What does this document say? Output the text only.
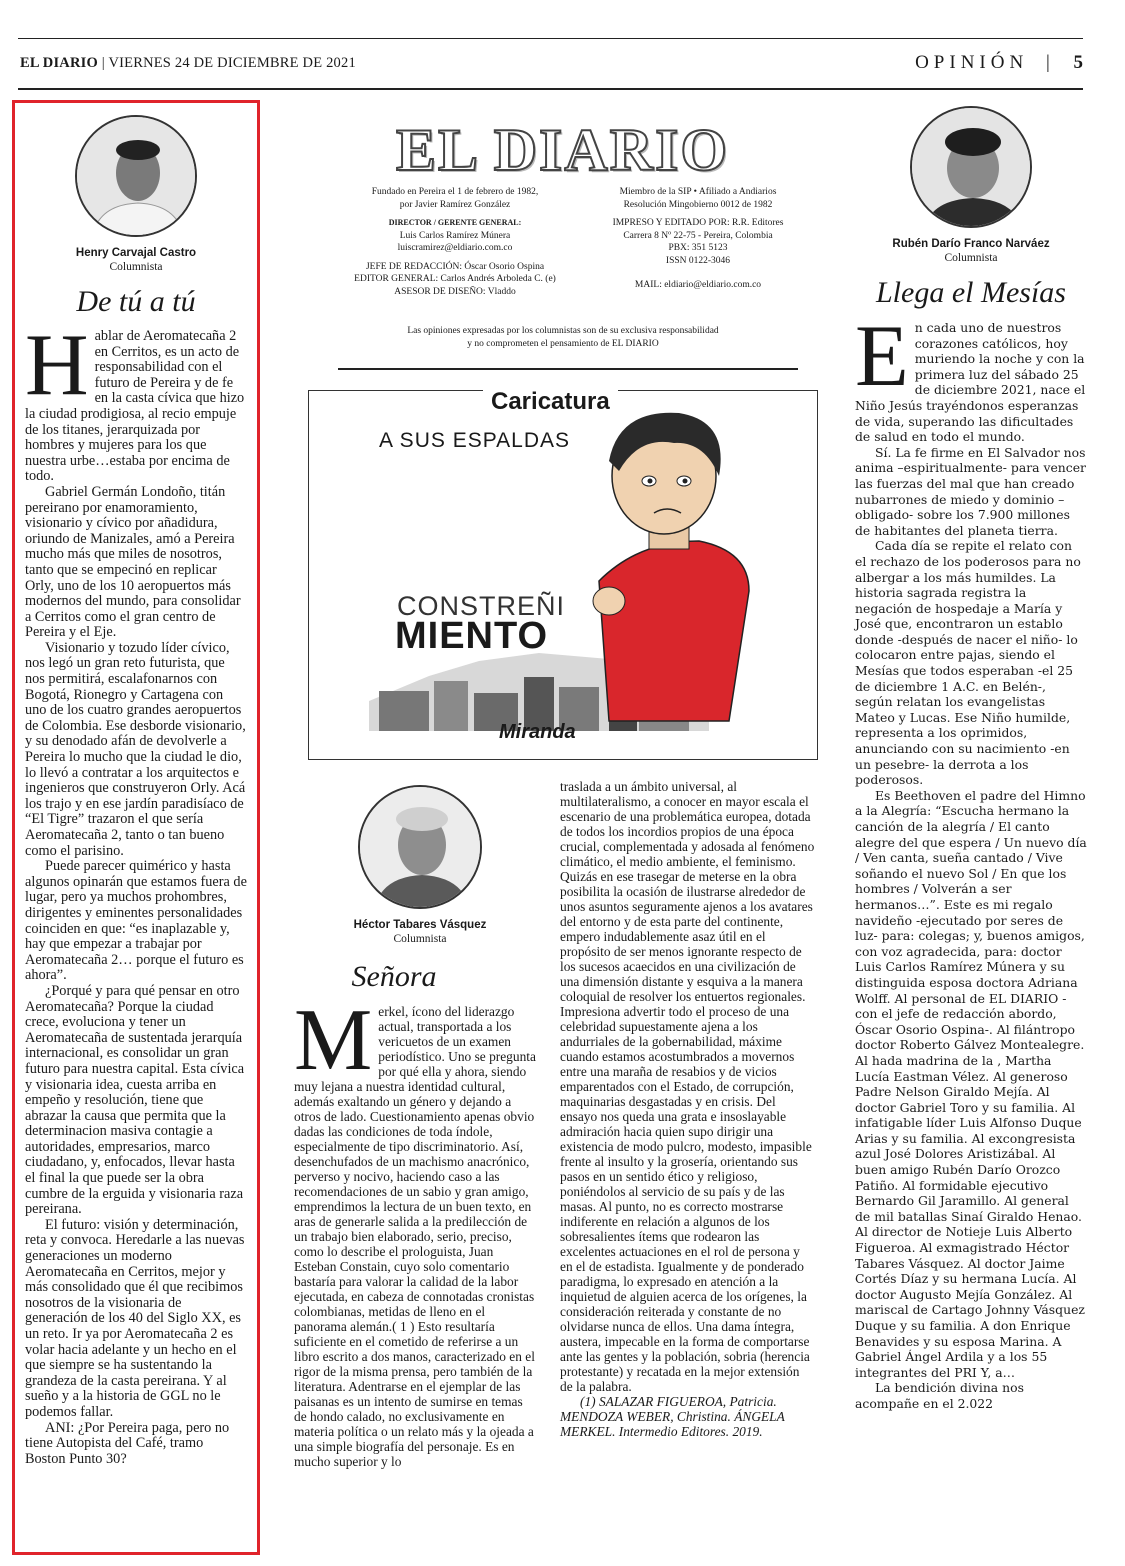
EL DIARIO | VIERNES 24 DE DICIEMBRE DE 2021	OPINIÓN | 5
Henry Carvajal Castro
Columnista
De tú a tú
H ablar de Aeromatecaña 2 en Cerritos, es un acto de responsabilidad con el futuro de Pereira y de fe en la casta cívica que hizo la ciudad prodigiosa, al recio empuje de los titanes, jerarquizada por hombres y mujeres para los que nuestra urbe…estaba por encima de todo.

Gabriel Germán Londoño, titán pereirano por enamoramiento, visionario y cívico por añadidura, oriundo de Manizales, amó a Pereira mucho más que miles de nosotros, tanto que se empecinó en replicar Orly, uno de los 10 aeropuertos más modernos del mundo, para consolidar a Cerritos como el gran centro de Pereira y el Eje.

Visionario y tozudo líder cívico, nos legó un gran reto futurista, que nos permitirá, escalafonarnos con Bogotá, Rionegro y Cartagena con uno de los cuatro grandes aeropuertos de Colombia. Ese desborde visionario, y su denodado afán de devolverle a Pereira lo mucho que la ciudad le dio, lo llevó a contratar a los arquitectos e ingenieros que construyeron Orly. Acá los trajo y en ese jardín paradisíaco de “El Tigre” trazaron el que sería Aeromatecaña 2, tanto o tan bueno como el parisino.

Puede parecer quimérico y hasta algunos opinarán que estamos fuera de lugar, pero ya muchos prohombres, dirigentes y eminentes personalidades coinciden en que: “es inaplazable y, hay que empezar a trabajar por Aeromatecaña 2… porque el futuro es ahora”.

¿Porqué y para qué pensar en otro Aeromatecaña? Porque la ciudad crece, evoluciona y tener un Aeromatecaña de sustentada jerarquía internacional, es consolidar un gran futuro para nuestra capital. Esta cívica y visionaria idea, cuesta arriba en empeño y resolución, tiene que abrazar la causa que permita que la determinacion masiva contagie a autoridades, empresarios, marco ciudadano, y, enfocados, llevar hasta el final la que puede ser la obra cumbre de la erguida y visionaria raza pereirana.

El futuro: visión y determinación, reta y convoca. Heredarle a las nuevas generaciones un moderno Aeromatecaña en Cerritos, mejor y más consolidado que él que recibimos nosotros de la visionaria de generación de los 40 del Siglo XX, es un reto. Ir ya por Aeromatecaña 2 es volar hacia adelante y un hecho en el que siempre se ha sustentando la grandeza de la casta pereirana. Y al sueño y a la historia de GGL no le podemos fallar.

ANI: ¿Por Pereira paga, pero no tiene Autopista del Café, tramo Boston Punto 30?

EL DIARIO
Fundado en Pereira el 1 de febrero de 1982,
por Javier Ramírez González
DIRECTOR / GERENTE GENERAL:
Luis Carlos Ramírez Múnera
luiscramirez@eldiario.com.co
JEFE DE REDACCIÓN: Óscar Osorio Ospina
EDITOR GENERAL: Carlos Andrés Arboleda C. (e)
ASESOR DE DISEÑO: Vladdo
Miembro de la SIP • Afiliado a Andiarios
Resolución Mingobierno 0012 de 1982
IMPRESO Y EDITADO POR: R.R. Editores
Carrera 8 Nº 22-75 - Pereira, Colombia
PBX: 351 5123
ISSN 0122-3046
MAIL: eldiario@eldiario.com.co
Las opiniones expresadas por los columnistas son de su exclusiva responsabilidad
y no comprometen el pensamiento de EL DIARIO
A SUS ESPALDAS
CONSTREÑI
MIENTO
Miranda
Caricatura
Héctor Tabares Vásquez
Columnista
Señora
M erkel, ícono del liderazgo actual, transportada a los vericuetos de un examen periodístico. Uno se pregunta por qué ella y ahora, siendo muy lejana a nuestra identidad cultural, además exaltando un género y dejando a otros de lado. Cuestionamiento apenas obvio dadas las condiciones de toda índole, especialmente de tipo discriminatorio. Así, desenchufados de un machismo anacrónico, perverso y nocivo, haciendo caso a las recomendaciones de un sabio y gran amigo, emprendimos la lectura de un buen texto, en aras de generarle salida a la predilección de un trabajo bien elaborado, serio, preciso, como lo describe el prologuista, Juan Esteban Constain, cuyo solo comentario bastaría para valorar la calidad de la labor ejecutada, en cabeza de connotadas cronistas colombianas, metidas de lleno en el panorama alemán.( 1 ) Esto resultaría suficiente en el cometido de referirse a un libro escrito a dos manos, caracterizado en el rigor de la misma prensa, pero también de la literatura. Adentrarse en el ejemplar de las paisanas es un intento de sumirse en temas de hondo calado, no exclusivamente en materia política o un relato más y la ojeada a una simple biografía del personaje. Es en mucho superior y lo

traslada a un ámbito universal, al multilateralismo, a conocer en mayor escala el escenario de una problemática europea, dotada de todos los incordios propios de una época crucial, complementada y adosada al fenómeno climático, el medio ambiente, el feminismo. Quizás en ese trasegar de meterse en la obra posibilita la ocasión de ilustrarse alrededor de unos asuntos seguramente ajenos a los avatares del entorno y de esta parte del continente, empero indudablemente asaz útil en el propósito de ser menos ignorante respecto de los sucesos acaecidos en una civilización de una dimensión distante y esquiva a la manera coloquial de resolver los entuertos regionales. Impresiona advertir todo el proceso de una celebridad supuestamente ajena a los andurriales de la gobernabilidad, máxime cuando estamos acostumbrados a movernos entre una maraña de resabios y de vicios emparentados con el Estado, de corrupción, maquinarias desgastadas y en crisis. Del ensayo nos queda una grata e insoslayable admiración hacia quien supo dirigir una existencia de modo pulcro, modesto, impasible frente al insulto y la grosería, orientando sus pasos en un sentido ético y religioso, poniéndolos al servicio de su país y de las masas. Al punto, no es correcto mostrarse indiferente en relación a algunos de los sobresalientes ítems que rodearon las excelentes actuaciones en el rol de persona y en el de estadista. Igualmente y de ponderado paradigma, lo expresado en atención a la inquietud de alguien acerca de los orígenes, la consideración reiterada y constante de no olvidarse nunca de ellos. Una dama íntegra, austera, impecable en la forma de comportarse ante las gentes y la población, sobria (herencia protestante) y recatada en la mejor extensión de la palabra.

(1) SALAZAR FIGUEROA, Patricia. MENDOZA WEBER, Christina. ÁNGELA MERKEL. Intermedio Editores. 2019.

Rubén Darío Franco Narváez
Columnista
Llega el Mesías
E n cada uno de nuestros corazones católicos, hoy muriendo la noche y con la primera luz del sábado 25 de diciembre 2021, nace el Niño Jesús trayéndonos esperanzas de vida, superando las dificultades de salud en todo el mundo.

Sí. La fe firme en El Salvador nos anima –espiritualmente- para vencer las fuerzas del mal que han creado nubarrones de miedo y dominio –obligado- sobre los 7.900 millones de habitantes del planeta tierra.

Cada día se repite el relato con el rechazo de los poderosos para no albergar a los más humildes. La historia sagrada registra la negación de hospedaje a María y José que, encontraron un establo donde -después de nacer el niño- lo colocaron entre pajas, siendo el Mesías que todos esperaban -el 25 de diciembre 1 A.C. en Belén-, según relatan los evangelistas Mateo y Lucas. Ese Niño humilde, representa a los oprimidos, anunciando con su nacimiento -en un pesebre- la derrota a los poderosos.

Es Beethoven el padre del Himno a la Alegría: “Escucha hermano la canción de la alegría / El canto alegre del que espera / Un nuevo día / Ven canta, sueña cantado / Vive soñando el nuevo Sol / En que los hombres / Volverán a ser hermanos…”. Este es mi regalo navideño -ejecutado por seres de luz- para: colegas; y, buenos amigos, con voz agradecida, para: doctor Luis Carlos Ramírez Múnera y su distinguida esposa doctora Adriana Wolff. Al personal de EL DIARIO -con el jefe de redacción abordo, Óscar Osorio Ospina-. Al filántropo doctor Roberto Gálvez Montealegre. Al hada madrina de la , Martha Lucía Eastman Vélez. Al generoso Padre Nelson Giraldo Mejía. Al doctor Gabriel Toro y su familia. Al infatigable líder Luis Alfonso Duque Arias y su familia. Al excongresista azul José Dolores Aristizábal. Al buen amigo Rubén Darío Orozco Patiño. Al formidable ejecutivo Bernardo Gil Jaramillo. Al general de mil batallas Sinaí Giraldo Henao. Al director de Notieje Luis Alberto Figueroa. Al exmagistrado Héctor Tabares Vásquez. Al doctor Jaime Cortés Díaz y su hermana Lucía. Al doctor Augusto Mejía González. Al mariscal de Cartago Johnny Vásquez Duque y su familia. A don Enrique Benavides y su esposa Marina. A Gabriel Ángel Ardila y a los 55 integrantes del PRI Y, a…

La bendición divina nos acompañe en el 2.022
